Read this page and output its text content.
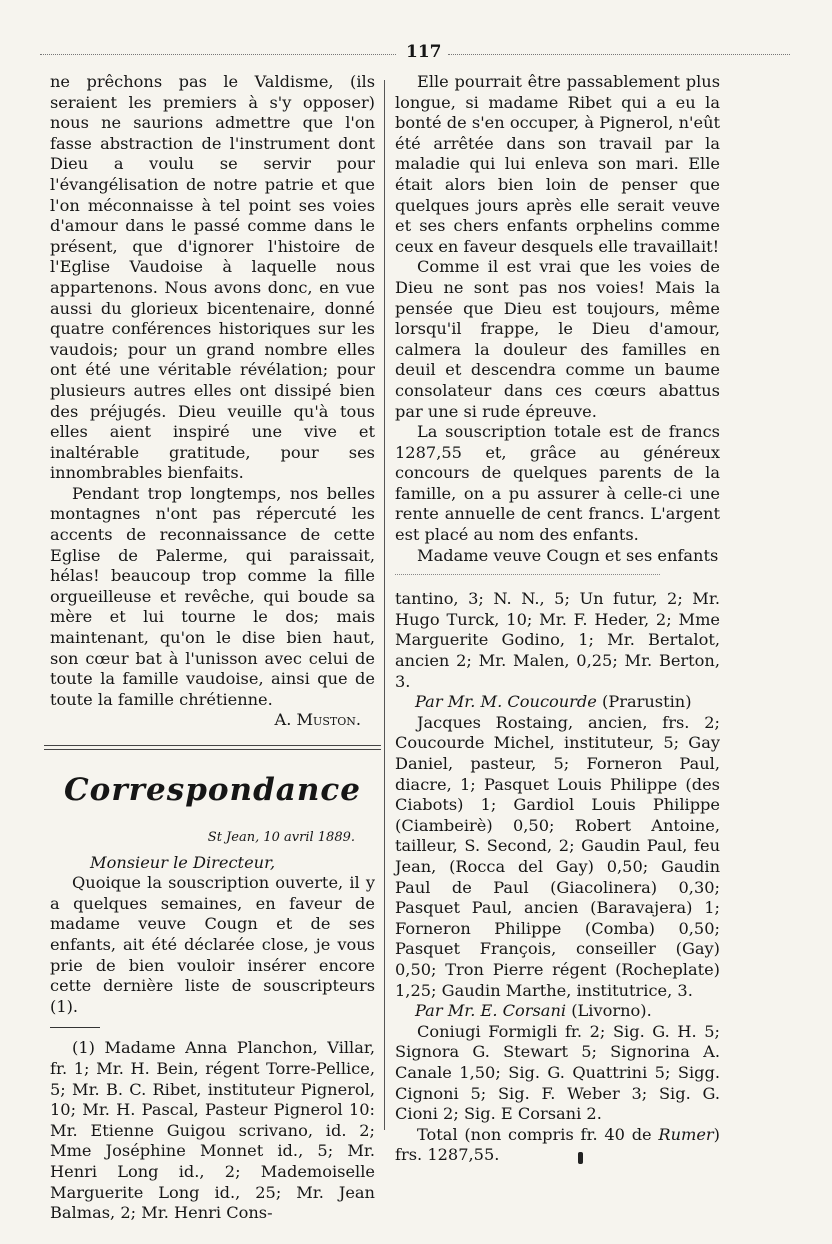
117

ne prêchons pas le Valdisme, (ils seraient les premiers à s'y opposer) nous ne saurions admettre que l'on fasse abstraction de l'instrument dont Dieu a voulu se servir pour l'évangélisation de notre patrie et que l'on méconnaisse à tel point ses voies d'amour dans le passé comme dans le présent, que d'ignorer l'histoire de l'Eglise Vaudoise à laquelle nous appartenons. Nous avons donc, en vue aussi du glorieux bicentenaire, donné quatre conférences historiques sur les vaudois; pour un grand nombre elles ont été une véritable révélation; pour plusieurs autres elles ont dissipé bien des préjugés. Dieu veuille qu'à tous elles aient inspiré une vive et inaltérable gratitude, pour ses innombrables bienfaits.

Pendant trop longtemps, nos belles montagnes n'ont pas répercuté les accents de reconnaissance de cette Eglise de Palerme, qui paraissait, hélas! beaucoup trop comme la fille orgueilleuse et revêche, qui boude sa mère et lui tourne le dos; mais maintenant, qu'on le dise bien haut, son cœur bat à l'unisson avec celui de toute la famille vaudoise, ainsi que de toute la famille chrétienne.

A. Muston.

Correspondance
St Jean, 10 avril 1889.

Monsieur le Directeur,

Quoique la souscription ouverte, il y a quelques semaines, en faveur de madame veuve Cougn et de ses enfants, ait été déclarée close, je vous prie de bien vouloir insérer encore cette dernière liste de souscripteurs (1).

(1) Madame Anna Planchon, Villar, fr. 1; Mr. H. Bein, régent Torre-Pellice, 5; Mr. B. C. Ribet, instituteur Pignerol, 10; Mr. H. Pascal, Pasteur Pignerol 10: Mr. Etienne Guigou scrivano, id. 2; Mme Joséphine Monnet id., 5; Mr. Henri Long id., 2; Mademoiselle Marguerite Long id., 25; Mr. Jean Balmas, 2; Mr. Henri Cons-

Elle pourrait être passablement plus longue, si madame Ribet qui a eu la bonté de s'en occuper, à Pignerol, n'eût été arrêtée dans son travail par la maladie qui lui enleva son mari. Elle était alors bien loin de penser que quelques jours après elle serait veuve et ses chers enfants orphelins comme ceux en faveur desquels elle travaillait!

Comme il est vrai que les voies de Dieu ne sont pas nos voies! Mais la pensée que Dieu est toujours, même lorsqu'il frappe, le Dieu d'amour, calmera la douleur des familles en deuil et descendra comme un baume consolateur dans ces cœurs abattus par une si rude épreuve.

La souscription totale est de francs 1287,55 et, grâce au généreux concours de quelques parents de la famille, on a pu assurer à celle-ci une rente annuelle de cent francs. L'argent est placé au nom des enfants.

Madame veuve Cougn et ses enfants

tantino, 3; N. N., 5; Un futur, 2; Mr. Hugo Turck, 10; Mr. F. Heder, 2; Mme Marguerite Godino, 1; Mr. Bertalot, ancien 2; Mr. Malen, 0,25; Mr. Berton, 3.

Par Mr. M. Coucourde (Prarustin)

Jacques Rostaing, ancien, frs. 2; Coucourde Michel, instituteur, 5; Gay Daniel, pasteur, 5; Forneron Paul, diacre, 1; Pasquet Louis Philippe (des Ciabots) 1; Gardiol Louis Philippe (Ciambeirè) 0,50; Robert Antoine, tailleur, S. Second, 2; Gaudin Paul, feu Jean, (Rocca del Gay) 0,50; Gaudin Paul de Paul (Giacolinera) 0,30; Pasquet Paul, ancien (Baravajera) 1; Forneron Philippe (Comba) 0,50; Pasquet François, conseiller (Gay) 0,50; Tron Pierre régent (Rocheplate) 1,25; Gaudin Marthe, institutrice, 3.

Par Mr. E. Corsani (Livorno).

Coniugi Formigli fr. 2; Sig. G. H. 5; Signora G. Stewart 5; Signorina A. Canale 1,50; Sig. G. Quattrini 5; Sigg. Cignoni 5; Sig. F. Weber 3; Sig. G. Cioni 2; Sig. E Corsani 2.

Total (non compris fr. 40 de Rumer) frs. 1287,55.
